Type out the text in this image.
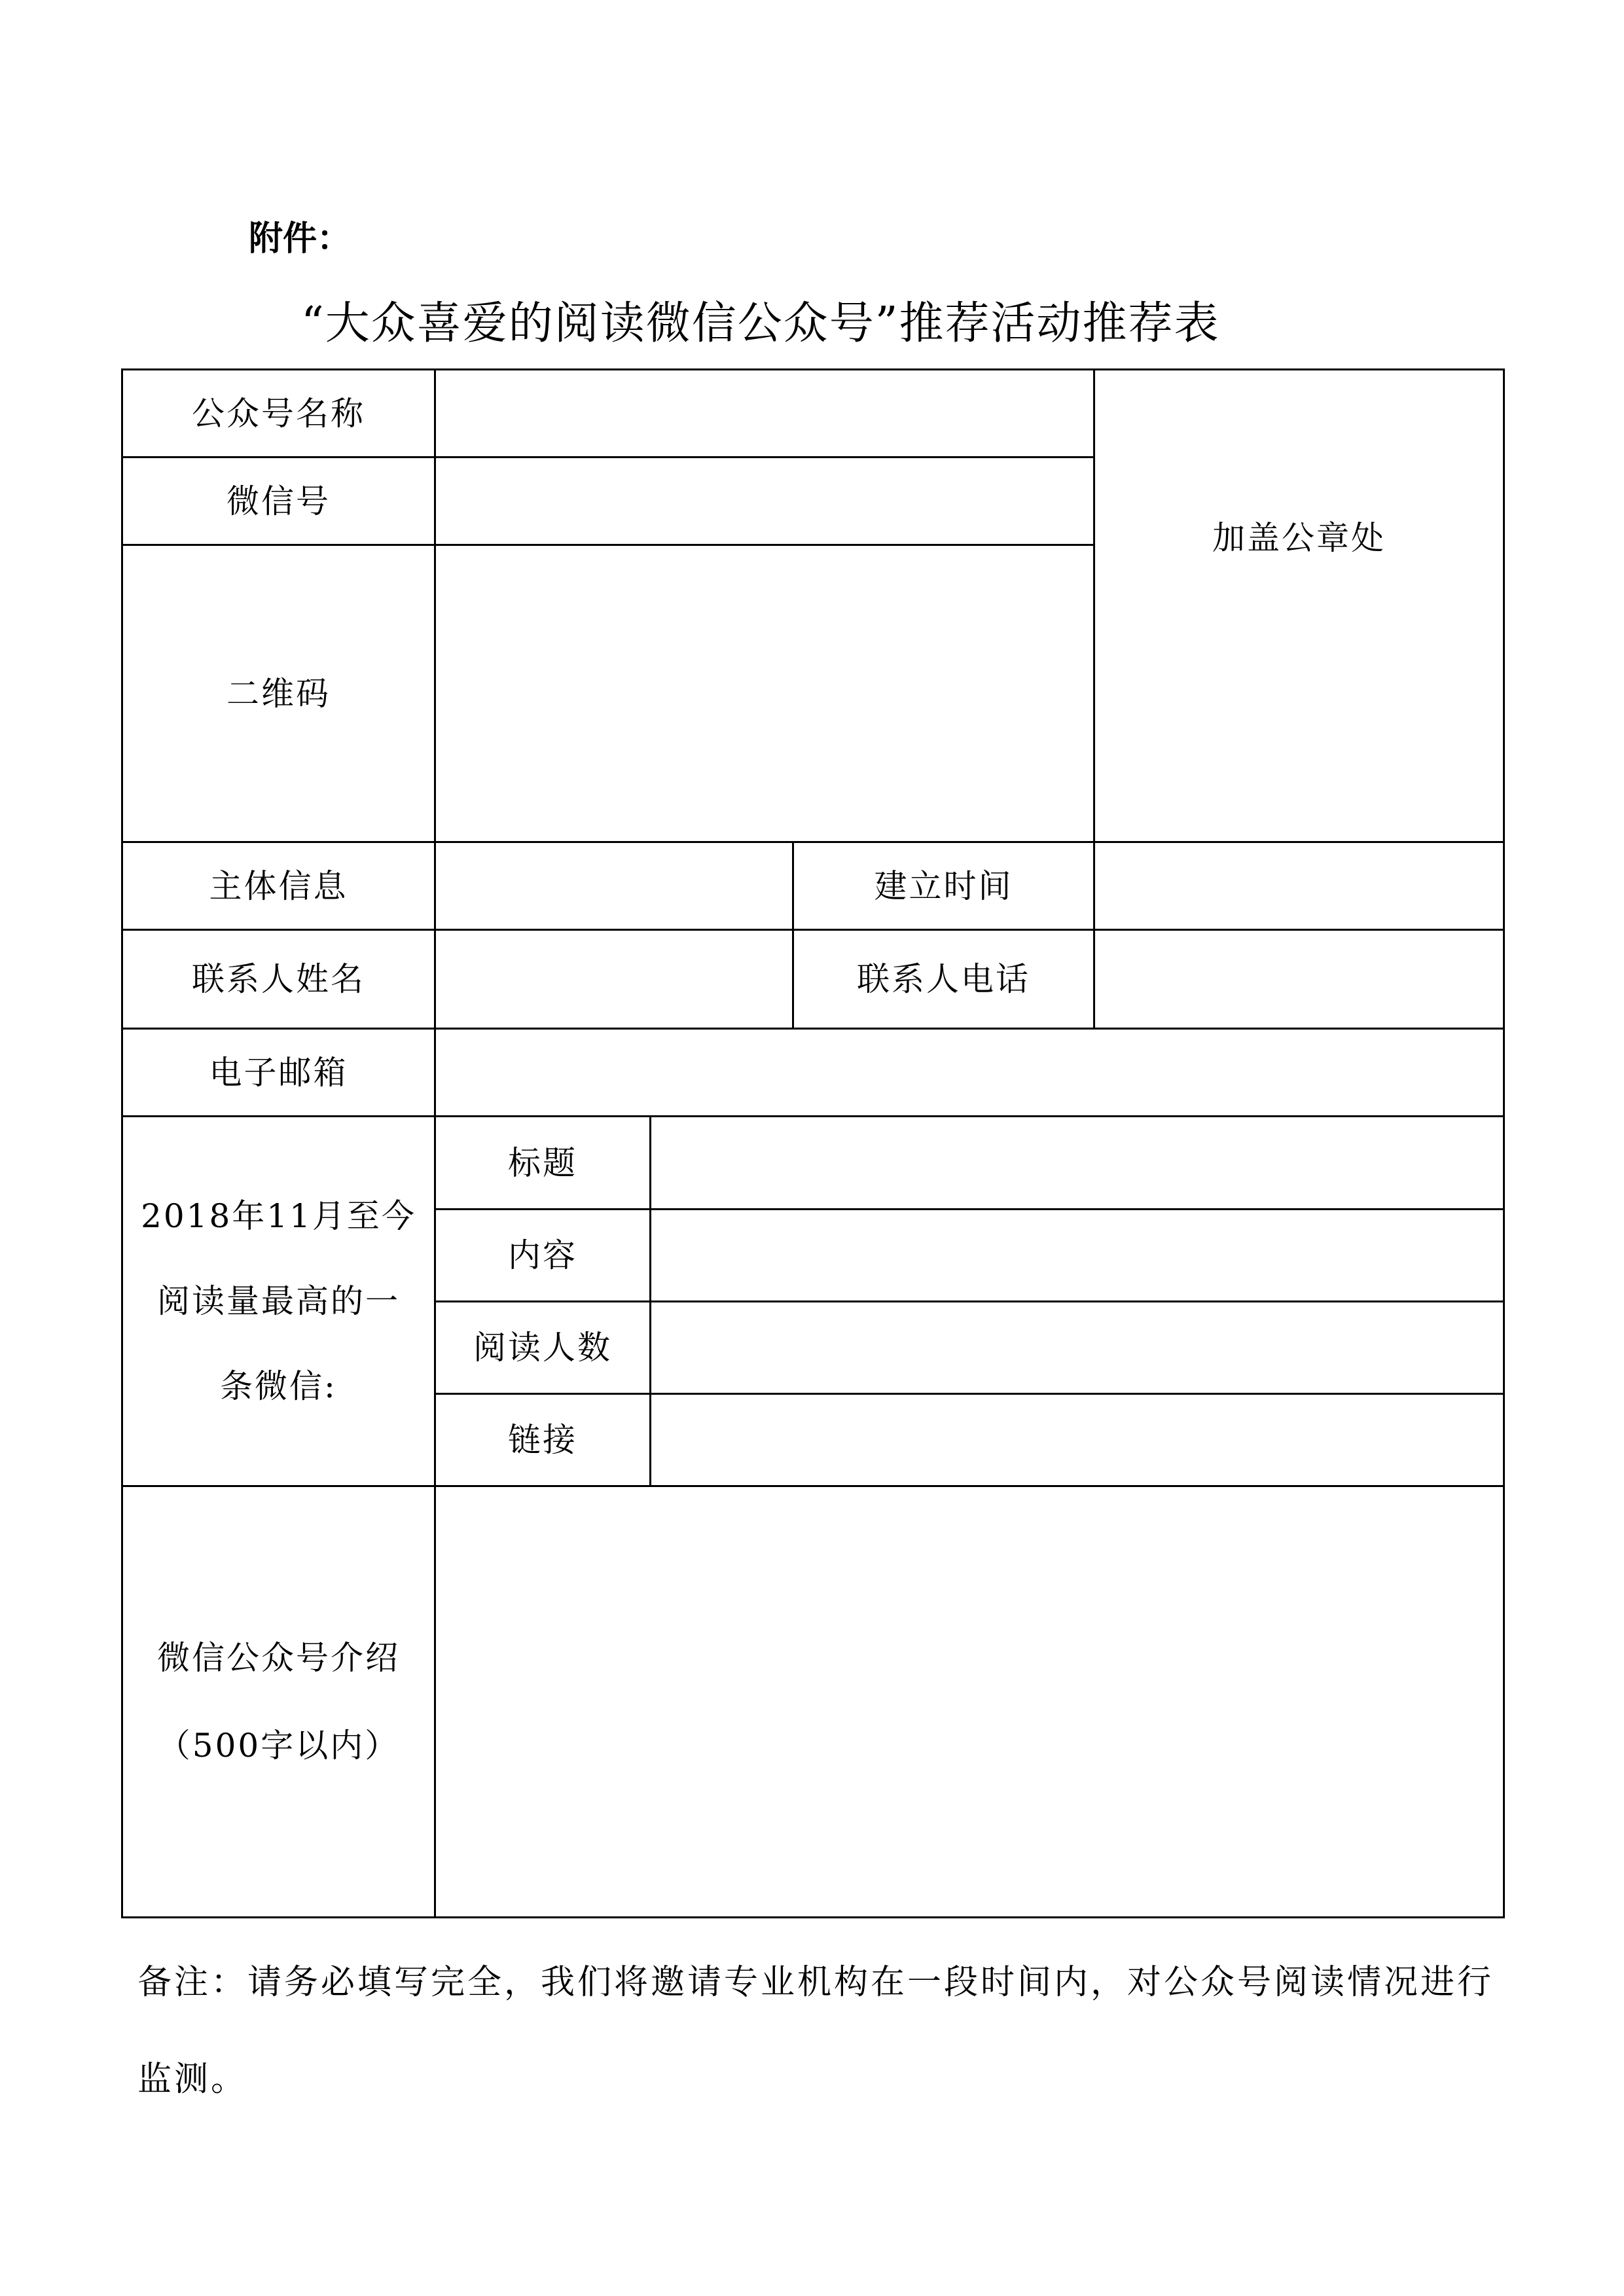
附件：
“大众喜爱的阅读微信公众号”推荐活动推荐表
公众号名称
微信号
二维码
加盖公章处
主体信息	建立时间
联系人姓名	联系人电话
电子邮箱
2018年11月至今
阅读量最高的一
条微信:
标题
内容
阅读人数
链接
微信公众号介绍
（500字以内）
备注：请务必填写完全，我们将邀请专业机构在一段时间内，对公众号阅读情况进行监测。
